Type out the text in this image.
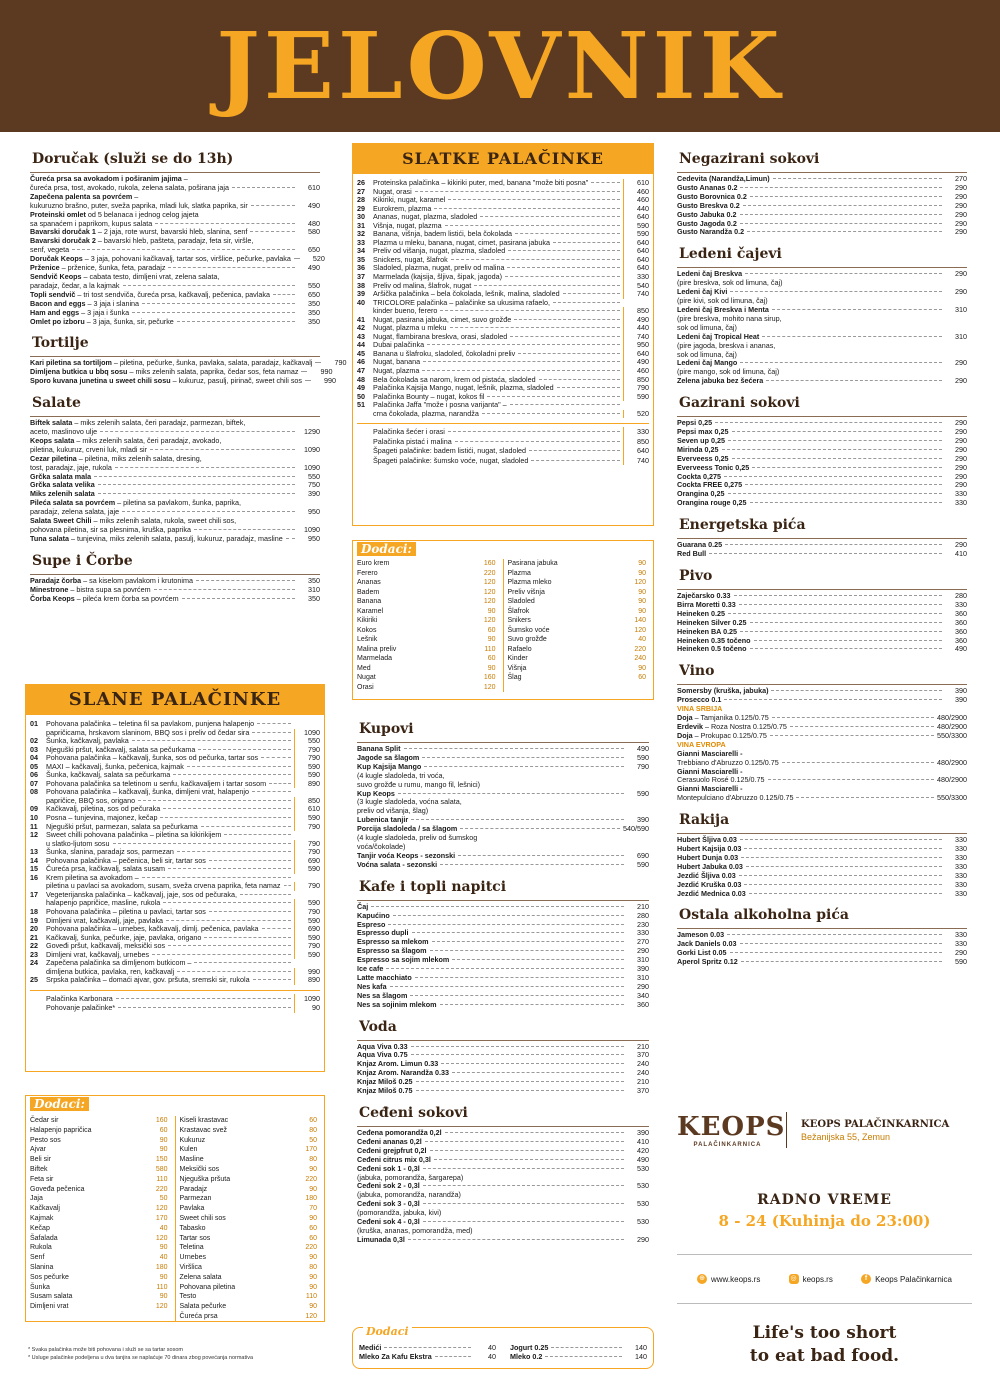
JELOVNIK
Doručak (služi se do 13h)
Čureća prsa sa avokadom i poširanim jajima –
čureća prsa, tost, avokado, rukola, zelena salata, poširana jaja	610
Zapečena palenta sa povrćem –
kukuruzno brašno, puter, sveža paprika, mladi luk, slatka paprika, sir	490
Proteinski omlet od 5 belanaca i jednog celog jajeta
sa spanaćem i paprikom, kupus salata	480
Bavarski doručak 1 – 2 jaja, rote wurst, bavarski hleb, slanina, senf	580
Bavarski doručak 2 – bavarski hleb, pašteta, paradajz, feta sir, viršle,
senf, vegeta	650
Doručak Keops – 3 jaja, pohovani kačkavalj, tartar sos, viršlice, pečurke, pavlaka	520
Prženice – prženice, šunka, feta, paradajz	490
Sendvič Keops – cabata testo, dimljeni vrat, zelena salata,
paradajz, čedar, a la kajmak	550
Topli sendvič – tri tost sendviča, čureća prsa, kačkavalj, pečenica, pavlaka	650
Bacon and eggs – 3 jaja i slanina	350
Ham and eggs – 3 jaja i šunka	350
Omlet po izboru – 3 jaja, šunka, sir, pečurke	350
Tortilje
Kari piletina sa tortiljom – piletina, pečurke, šunka, pavlaka, salata, paradajz, kačkavalj	790
Dimljena butkica u bbq sosu – miks zelenih salata, paprika, čedar sos, feta namaz	990
Sporo kuvana junetina u sweet chili sosu – kukuruz, pasulj, pirinač, sweet chili sos	990
Salate
Biftek salata – miks zelenih salata, čeri paradajz, parmezan, biftek,
aceto, maslinovo ulje	1290
Keops salata – miks zelenih salata, čeri paradajz, avokado,
piletina, kukuruz, crveni luk, mladi sir	1090
Cezar piletina – piletina, miks zelenih salata, dresing,
tost, paradajz, jaje, rukola	1090
Grčka salata mala	550
Grčka salata velika	750
Miks zelenih salata	390
Pileća salata sa povrćem – piletina sa pavlakom, šunka, paprika,
paradajz, zelena salata, jaje	950
Salata Sweet Chili – miks zelenih salata, rukola, sweet chili sos,
pohovana piletina, sir sa plesnima, kruška, paprika	1090
Tuna salata – tunjevina, miks zelenih salata, pasulj, kukuruz, paradajz, masline	950
Supe i Čorbe
Paradajz čorba – sa kiselom pavlakom i krutonima	350
Minestrone – bistra supa sa povrćem	310
Čorba Keops – pileća krem čorba sa povrćem	350
SLANE PALAČINKE
01	Pohovana palačinka – teletina fil sa pavlakom, punjena halapenjo
papričicama, hrskavom slaninom, BBQ sos i preliv od čedar sira	1090
02	Šunka, kačkavalj, pavlaka	550
03	Njeguški pršut, kačkavalj, salata sa pečurkama	790
04	Pohovana palačinka – kačkavalj, šunka, sos od pečurka, tartar sos	790
05	MAXI – kačkavalj, šunka, pečenica, kajmak	590
06	Šunka, kačkavalj, salata sa pečurkama	590
07	Pohovana palačinka sa teletinom u senfu, kačkavaljem i tartar sosom	890
08	Pohovana palačinka – kačkavalj, šunka, dimljeni vrat, halapenjo
papričice, BBQ sos, origano	850
09	Kačkavalj, piletina, sos od pečuraka	610
10	Posna – tunjevina, majonez, kečap	590
11	Njeguški pršut, parmezan, salata sa pečurkama	790
12	Sweet chilli pohovana palačinka – piletina sa kikirikijem
u slatko-ljutom sosu	790
13	Šunka, slanina, paradajz sos, parmezan	790
14	Pohovana palačinka – pečenica, beli sir, tartar sos	690
15	Čureća prsa, kačkavalj, salata susam	590
16	Krem piletina sa avokadom –
piletina u pavlaci sa avokadom, susam, sveža crvena paprika, feta namaz	790
17	Vegeterijanska palačinka – kačkavalj, jaje, sos od pečuraka,
halapenjo papričice, masline, rukola	590
18	Pohovana palačinka – piletina u pavlaci, tartar sos	790
19	Dimljeni vrat, kačkavalj, jaje, pavlaka	590
20	Pohovana palačinka – urnebes, kačkavalj, dimlj. pečenica, pavlaka	690
21	Kačkavalj, šunka, pečurke, jaje, pavlaka, origano	590
22	Goveđi pršut, kačkavalj, meksički sos	790
23	Dimljeni vrat, kačkavalj, urnebes	590
24	Zapečena palačinka sa dimljenom butkicom –
dimljena butkica, pavlaka, ren, kačkavalj	990
25	Srpska palačinka – domaći ajvar, gov. pršuta, sremski sir, rukola	890
Palačinka Karbonara	1090
Pohovanje palačinke*	90
Dodaci:
Čedar sir	160
Halapenjo papričica	60
Pesto sos	90
Ajvar	90
Beli sir	150
Biftek	580
Feta sir	110
Goveđa pečenica	220
Jaja	50
Kačkavalj	120
Kajmak	170
Kečap	40
Šafalada	120
Rukola	90
Senf	40
Slanina	180
Sos pečurke	90
Šunka	110
Susam salata	90
Dimljeni vrat	120
Kiseli krastavac	60
Krastavac svež	80
Kukuruz	50
Kulen	170
Masline	80
Meksički sos	90
Njeguška pršuta	220
Paradajz	90
Parmezan	180
Pavlaka	70
Sweet chili sos	90
Tabasko	60
Tartar sos	60
Teletina	220
Urnebes	90
Viršlica	80
Zelena salata	90
Pohovana piletina	90
Testo	110
Salata pečurke	90
Čureća prsa	120
* Svaka palačinka može biti pohovana i služi se sa tartar sosom
* Usluge palačinke podeljena u dva tanjira se naplaćuje 70 dinara zbog povećanja normativa
SLATKE PALAČINKE
26	Proteinska palačinka – kikiriki puter, med, banana "može biti posna"	610
27	Nugat, orasi	460
28	Kikiriki, nugat, karamel	460
29	Eurokrem, plazma	440
30	Ananas, nugat, plazma, sladoled	640
31	Višnja, nugat, plazma	590
32	Banana, višnja, badem listići, bela čokolada	590
33	Plazma u mleku, banana, nugat, cimet, pasirana jabuka	640
34	Preliv od višanja, nugat, plazma, sladoled	640
35	Snickers, nugat, šlafrok	640
36	Sladoled, plazma, nugat, preliv od malina	640
37	Marmelada (kajsija, šljiva, šipak, jagoda)	330
38	Preliv od malina, šlafrok, nugat	540
39	Aršička palačinka – bela čokolada, lešnik, malina, sladoled	740
40	TRICOLORE palačinka – palačinke sa ukusima rafaelo,
kinder bueno, ferero	850
41	Nugat, pasirana jabuka, cimet, suvo grožđe	490
42	Nugat, plazma u mleku	440
43	Nugat, flambirana breskva, orasi, sladoled	740
44	Dubai palačinka	950
45	Banana u šlafroku, sladoled, čokoladni preliv	640
46	Nugat, banana	490
47	Nugat, plazma	460
48	Bela čokolada sa narom, krem od pistaća, sladoled	850
49	Palačinka Kajsija Mango, nugat, lešnik, plazma, sladoled	790
50	Palačinka Bounty – nugat, kokos fil	590
51	Palačinka Jaffa "može i posna varijanta" –
crna čokolada, plazma, narandža	520
Palačinka šećer i orasi	330
Palačinka pistać i malina	850
Špageti palačinke: badem listići, nugat, sladoled	640
Špageti palačinke: šumsko voće, nugat, sladoled	740
Dodaci:
Euro krem	160
Ferero	220
Ananas	120
Badem	120
Banana	120
Karamel	90
Kikiriki	120
Kokos	60
Lešnik	90
Malina preliv	110
Marmelada	60
Med	90
Nugat	160
Orasi	120
Pasirana jabuka	90
Plazma	90
Plazma mleko	120
Preliv višnja	90
Sladoled	90
Šlafrok	90
Snikers	140
Šumsko voće	120
Suvo grožđe	40
Rafaelo	220
Kinder	240
Višnja	90
Šlag	60
Kupovi
Banana Split	490
Jagode sa šlagom	590
Kup Kajsija Mango	790
(4 kugle sladoleda, tri voća,
suvo grožđe u rumu, mango fil, lešnici)
Kup Keops	590
(3 kugle sladoleda, voćna salata,
preliv od višanja, šlag)
Lubenica tanjir	390
Porcija sladoleda / sa šlagom	540/590
(4 kugle sladoleda, preliv od šumskog
voća/čokolade)
Tanjir voća Keops - sezonski	690
Voćna salata - sezonski	590
Kafe i topli napitci
Čaj	210
Kapućino	280
Espreso	230
Espresso dupli	330
Espresso sa mlekom	270
Espresso sa šlagom	290
Espresso sa sojim mlekom	310
Ice cafe	390
Latte macchiato	310
Nes kafa	290
Nes sa šlagom	340
Nes sa sojinim mlekom	360
Voda
Aqua Viva 0.33	210
Aqua Viva 0.75	370
Knjaz Arom. Limun 0.33	240
Knjaz Arom. Narandža 0.33	240
Knjaz Miloš 0.25	210
Knjaz Miloš 0.75	370
Ceđeni sokovi
Ceđena pomorandža 0,2l	390
Ceđeni ananas 0,2l	410
Ceđeni grejpfrut 0,2l	420
Ceđeni citrus mix 0,3l	490
Ceđeni sok 1 - 0,3l	530
(jabuka, pomorandža, šargarepa)
Ceđeni sok 2 - 0,3l	530
(jabuka, pomorandža, narandža)
Ceđeni sok 3 - 0,3l	530
(pomorandža, jabuka, kivi)
Ceđeni sok 4 - 0,3l	530
(kruška, ananas, pomorandža, med)
Limunada 0,3l	290
Dodaci
Medići	40 Jogurt 0.25	140
Mleko Za Kafu Ekstra	40 Mleko 0.2	140
Negazirani sokovi
Cedevita (Narandža,Limun)	270
Gusto Ananas 0.2	290
Gusto Borovnica 0.2	290
Gusto Breskva 0.2	290
Gusto Jabuka 0.2	290
Gusto Jagoda 0.2	290
Gusto Narandža 0.2	290
Ledeni čajevi
Ledeni čaj Breskva	290
(pire breskva, sok od limuna, čaj)
Ledeni čaj Kivi	290
(pire kivi, sok od limuna, čaj)
Ledeni čaj Breskva i Menta	310
(pire breskva, mohito nana sirup,
sok od limuna, čaj)
Ledeni čaj Tropical Heat	310
(pire jagoda, breskva i ananas,
sok od limuna, čaj)
Ledeni čaj Mango	290
(pire mango, sok od limuna, čaj)
Zelena jabuka bez šećera	290
Gazirani sokovi
Pepsi 0,25	290
Pepsi max 0,25	290
Seven up 0,25	290
Mirinda 0,25	290
Everveess 0,25	290
Everveess Tonic 0,25	290
Cockta 0,275	290
Cockta FREE 0,275	290
Orangina 0,25	330
Orangina rouge 0,25	330
Energetska pića
Guarana 0.25	290
Red Bull	410
Pivo
Zaječarsko 0.33	280
Birra Moretti 0.33	330
Heineken 0.25	360
Heineken Silver 0.25	360
Heineken BA 0.25	360
Heineken 0.35 točeno	360
Heineken 0.5 točeno	490
Vino
Somersby (kruška, jabuka)	390
Prosecco 0.1	390
VINA SRBIJA
Doja – Tamjanika 0.125/0.75	480/2900
Erdevik – Roza Nostra 0.125/0.75	480/2900
Doja – Prokupac 0.125/0.75	550/3300
VINA EVROPA
Gianni Masciarelli -
Trebbiano d'Abruzzo 0.125/0.75	480/2900
Gianni Masciarelli -
Cerasuolo Rosé 0.125/0.75	480/2900
Gianni Masciarelli -
Montepulciano d'Abruzzo 0.125/0.75	550/3300
Rakija
Hubert Šljiva 0.03	330
Hubert Kajsija 0.03	330
Hubert Dunja 0.03	330
Hubert Jabuka 0.03	330
Jezdić Šljiva 0.03	330
Jezdić Kruška 0.03	330
Jezdić Mednica 0.03	330
Ostala alkoholna pića
Jameson 0.03	330
Jack Daniels 0.03	330
Gorki List 0.05	290
Aperol Spritz 0.12	590
KEOPS
PALAČINKARNICA
KEOPS PALAČINKARNICA
Bežanijska 55, Zemun
RADNO VREME
8 - 24 (Kuhinja do 23:00)
⊕ www.keops.rs	◎ keops.rs	f Keops Palačinkarnica
Life's too short
to eat bad food.
